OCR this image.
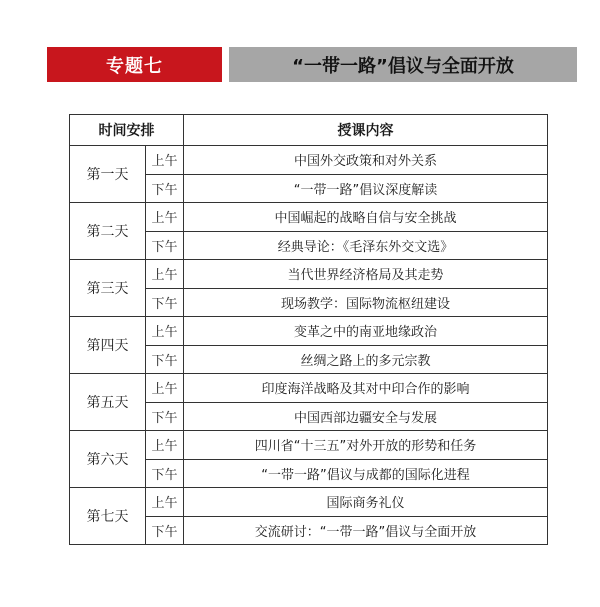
专题七	“一带一路”倡议与全面开放
时间安排		授课内容
第一天	上午	中国外交政策和对外关系
	下午	“一带一路”倡议深度解读
第二天	上午	中国崛起的战略自信与安全挑战
	下午	经典导论：《毛泽东外交文选》
第三天	上午	当代世界经济格局及其走势
	下午	现场教学：国际物流枢纽建设
第四天	上午	变革之中的南亚地缘政治
	下午	丝绸之路上的多元宗教
第五天	上午	印度海洋战略及其对中印合作的影响
	下午	中国西部边疆安全与发展
第六天	上午	四川省“十三五”对外开放的形势和任务
	下午	“一带一路”倡议与成都的国际化进程
第七天	上午	国际商务礼仪
	下午	交流研讨：“一带一路”倡议与全面开放
